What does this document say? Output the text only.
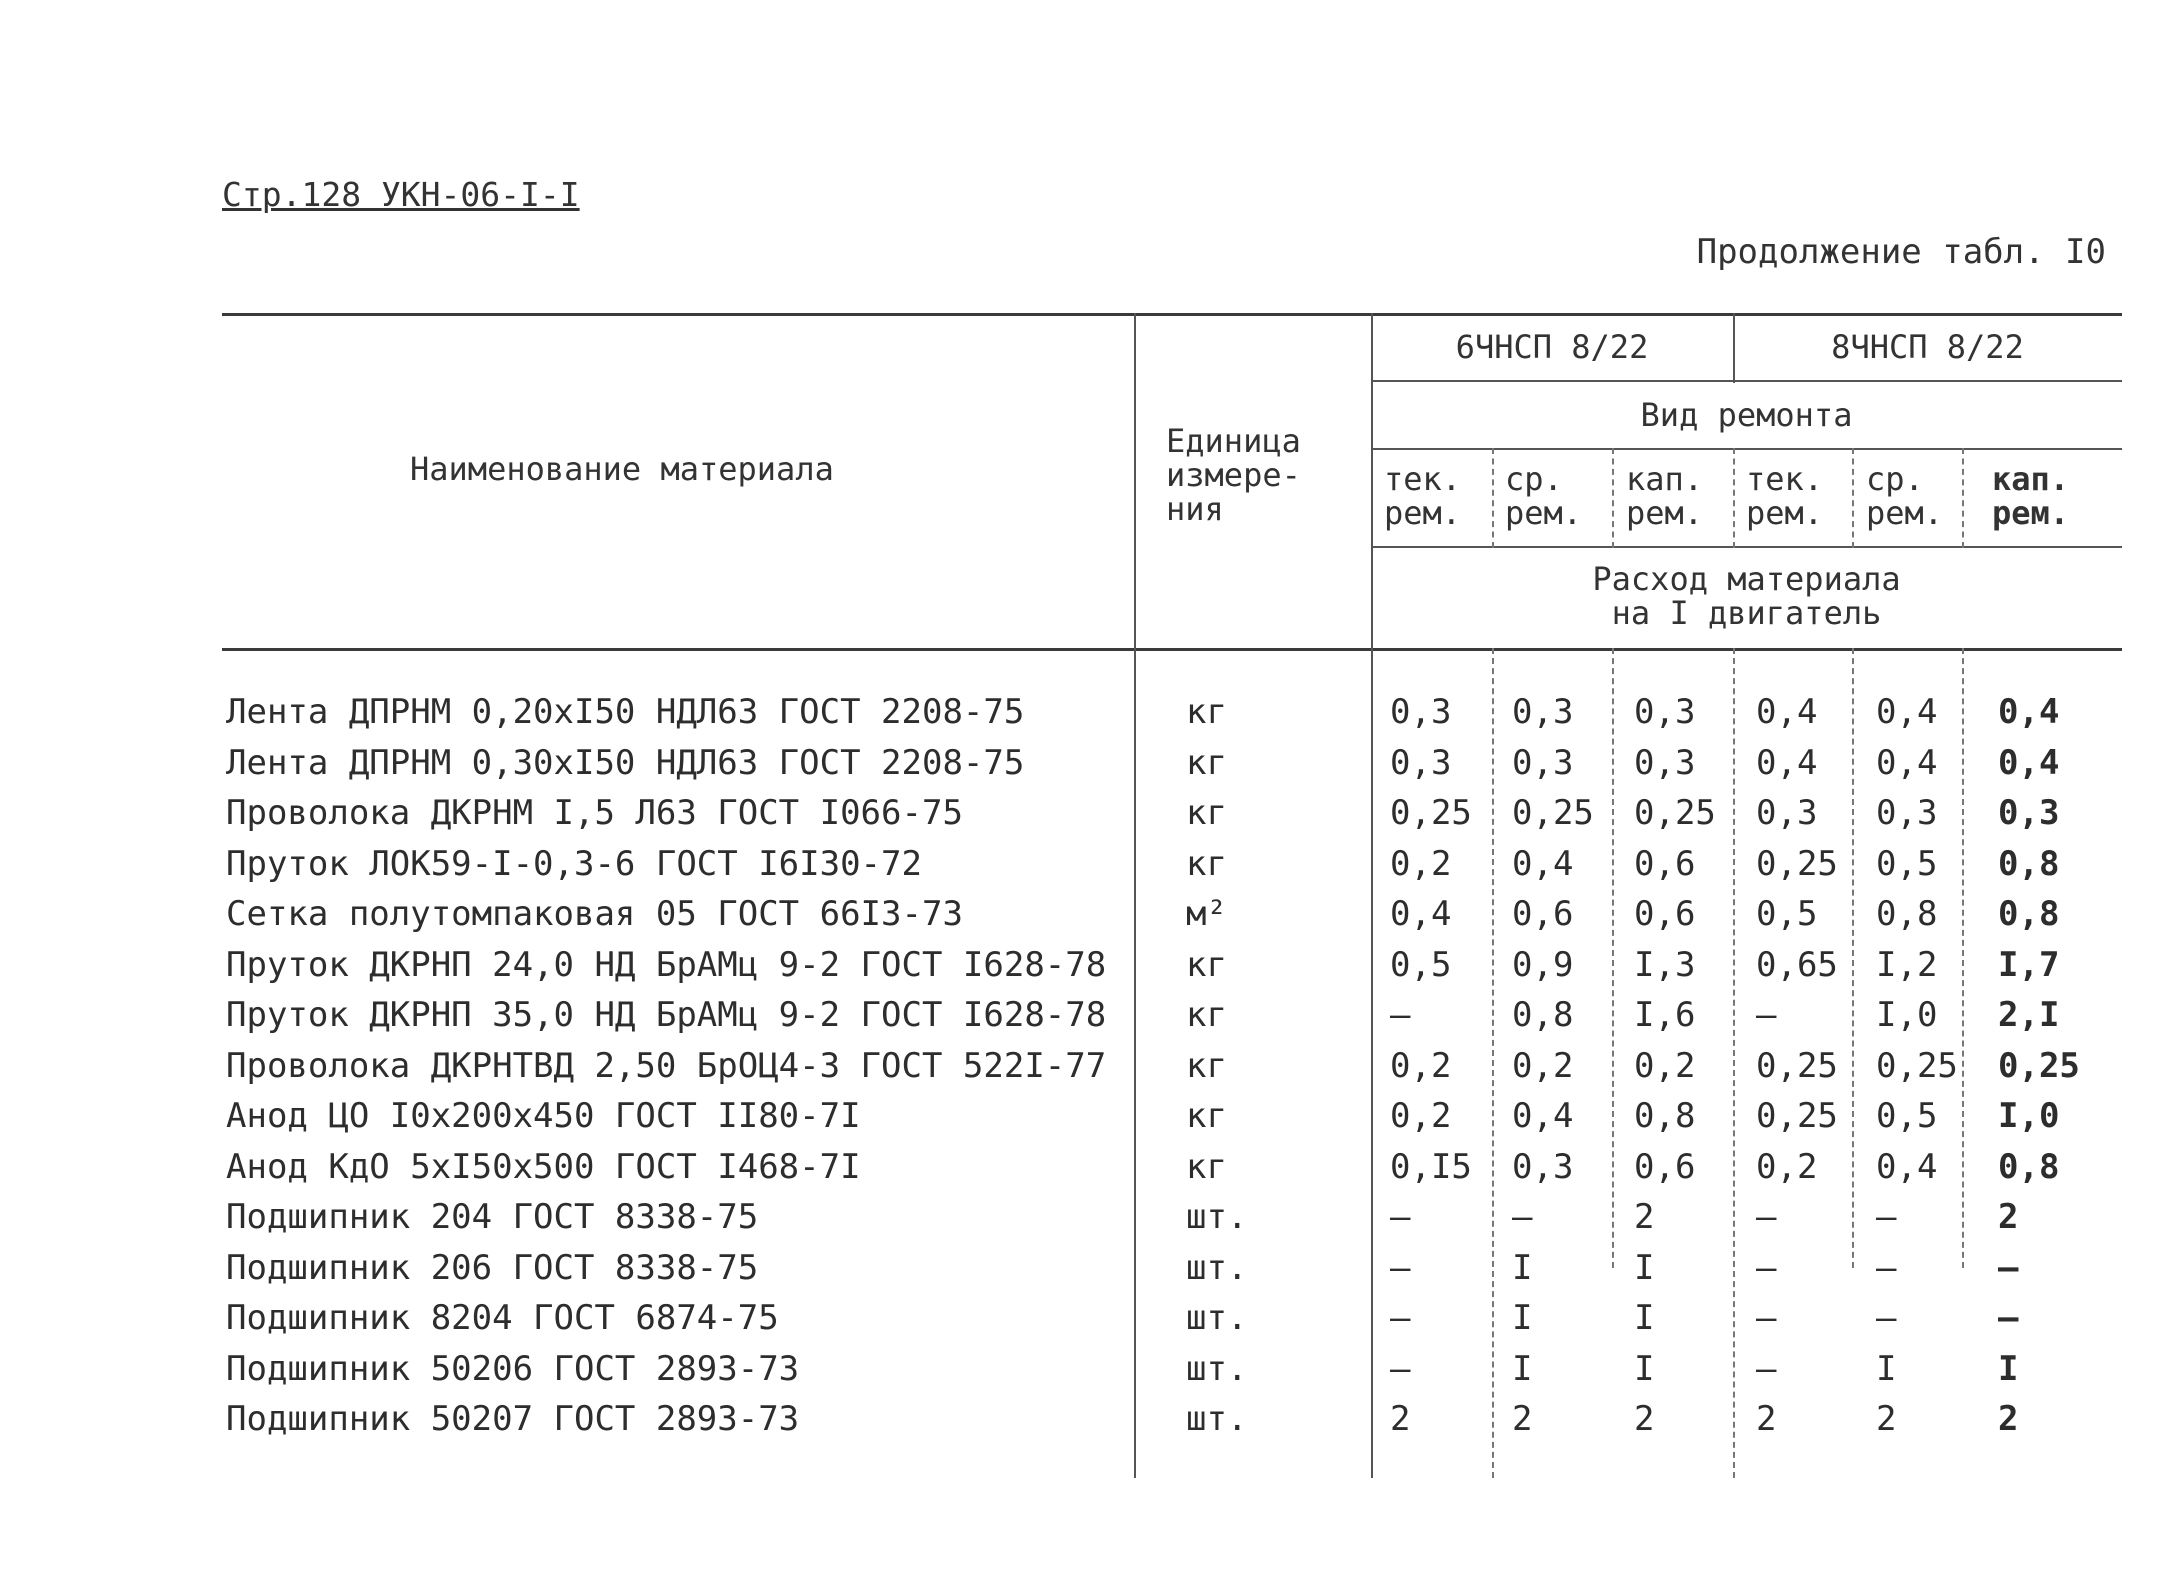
Стр.128 УКН-06-I-I
Продолжение табл. I0
Наименование материала
Единица
измере-
ния
6ЧНСП 8/22	8ЧНСП 8/22
Вид ремонта
тек.
рем.
ср.
рем.
кап.
рем.
тек.
рем.
ср.
рем.
кап.
рем.
Расход материала
на I двигатель
Лента ДПРНМ 0,20хI50 НДЛ63 ГОСТ 2208-75	кг	0,3 0,3 0,3 0,4 0,4 0,4
Лента ДПРНМ 0,30хI50 НДЛ63 ГОСТ 2208-75	кг	0,3 0,3 0,3 0,4 0,4 0,4
Проволока ДКРНМ I,5 Л63 ГОСТ I066-75	кг	0,25 0,25 0,25 0,3 0,3 0,3
Пруток ЛОК59-I-0,3-6 ГОСТ I6I30-72	кг	0,2 0,4 0,6 0,25 0,5 0,8
Сетка полутомпаковая 05 ГОСТ 66I3-73	м²	0,4 0,6 0,6 0,5 0,8 0,8
Пруток ДКРНП 24,0 НД БрАМц 9-2 ГОСТ I628-78 кг	0,5 0,9 I,3 0,65 I,2 I,7
Пруток ДКРНП 35,0 НД БрАМц 9-2 ГОСТ I628-78 кг	–	0,8 I,6 –	I,0 2,I
Проволока ДКРНТВД 2,50 БрОЦ4-3 ГОСТ 522I-77 кг	0,2 0,2 0,2 0,25 0,25 0,25
Анод ЦО I0х200х450 ГОСТ II80-7I	кг	0,2 0,4 0,8 0,25 0,5 I,0
Анод КдО 5хI50х500 ГОСТ I468-7I	кг	0,I5 0,3 0,6 0,2 0,4 0,8
Подшипник 204 ГОСТ 8338-75	шт.	–	–	2	–	–	2
Подшипник 206 ГОСТ 8338-75	шт.	–	I	I	–	–	–
Подшипник 8204 ГОСТ 6874-75	шт.	–	I	I	–	–	–
Подшипник 50206 ГОСТ 2893-73	шт.	–	I	I	–	I	I
Подшипник 50207 ГОСТ 2893-73	шт.	2	2	2	2	2	2
